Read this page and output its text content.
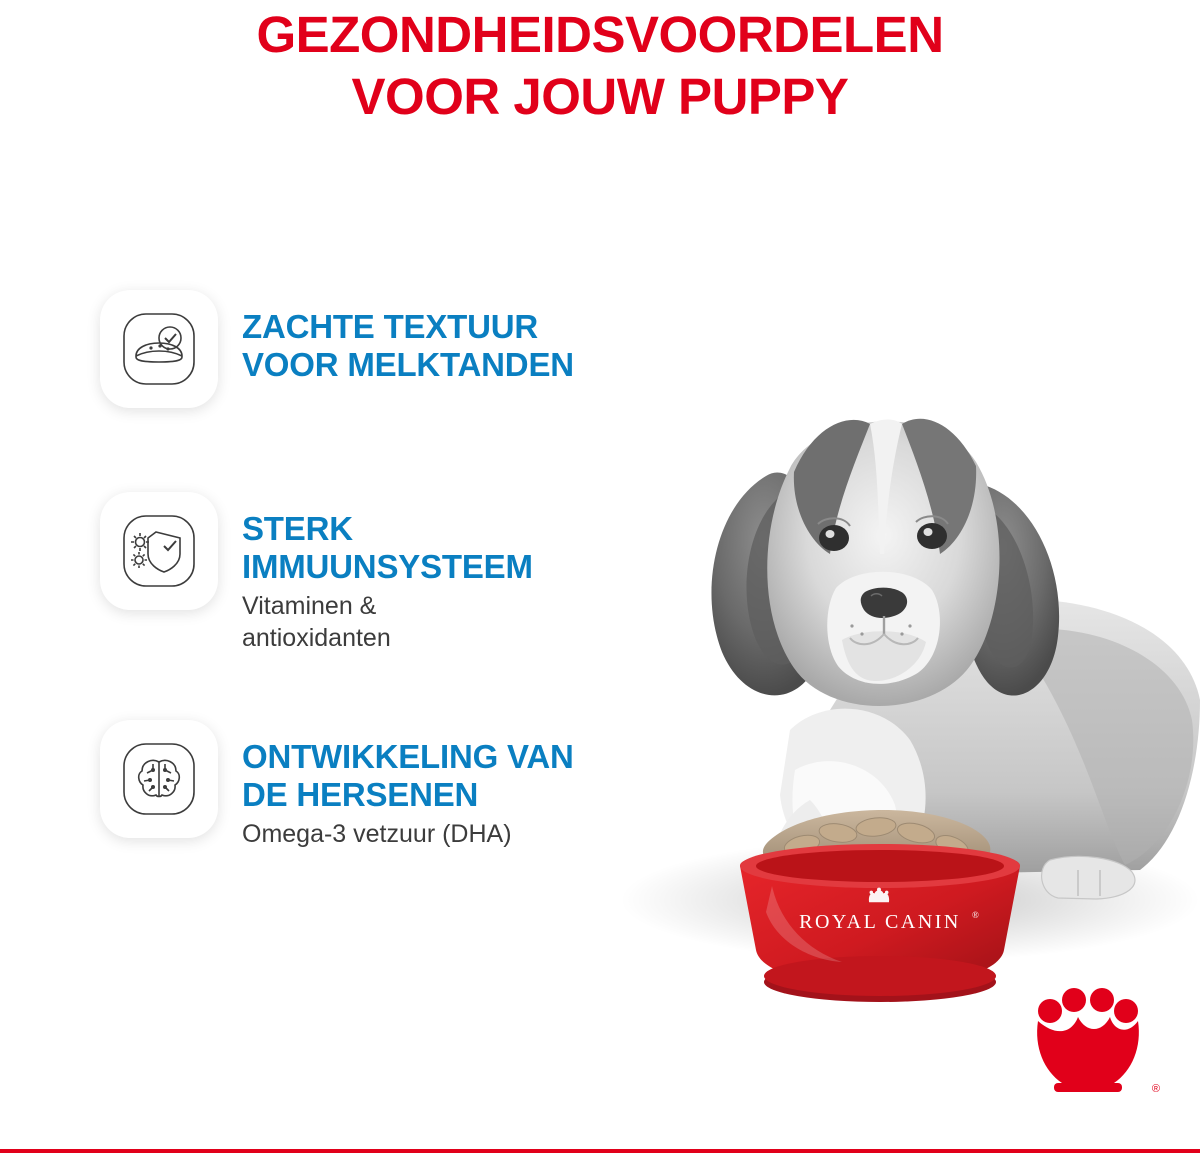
GEZONDHEIDSVOORDELEN
VOOR JOUW PUPPY
ZACHTE TEXTUUR
VOOR MELKTANDEN
STERK
IMMUUNSYSTEEM
Vitaminen &
antioxidanten
ONTWIKKELING VAN
DE HERSENEN
Omega-3 vetzuur (DHA)
ROYAL CANIN ®
®
